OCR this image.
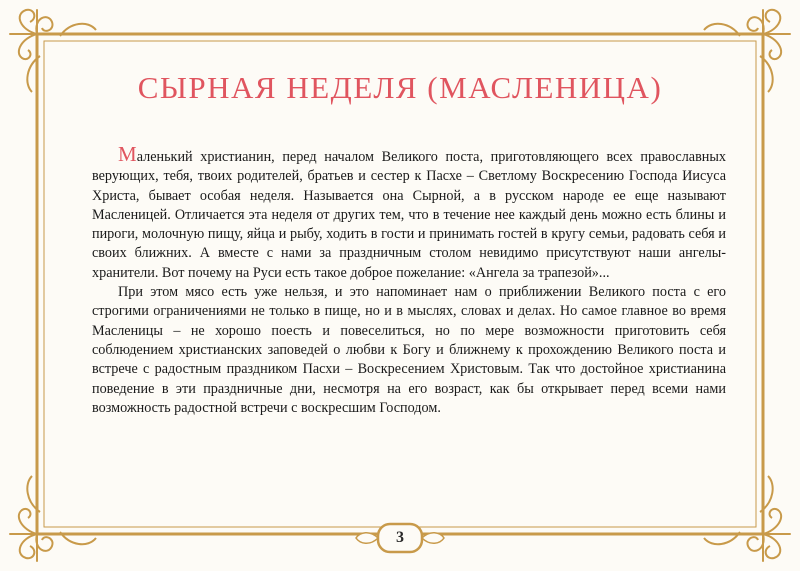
СЫРНАЯ НЕДЕЛЯ (МАСЛЕНИЦА)

Маленький христианин, перед началом Великого поста, приготовляющего всех православных верующих, тебя, твоих родителей, братьев и сестер к Пасхе – Светлому Воскресению Господа Иисуса Христа, бывает особая неделя. Называется она Сырной, а в русском народе ее еще называют Масленицей. Отличается эта неделя от других тем, что в течение нее каждый день можно есть блины и пироги, молочную пищу, яйца и рыбу, ходить в гости и принимать гостей в кругу семьи, радовать себя и своих ближних. А вместе с нами за праздничным столом невидимо присутствуют наши ангелы-хранители. Вот почему на Руси есть такое доброе пожелание: «Ангела за трапезой»...

При этом мясо есть уже нельзя, и это напоминает нам о приближении Великого поста с его строгими ограничениями не только в пище, но и в мыслях, словах и делах. Но самое главное во время Масленицы – не хорошо поесть и повеселиться, но по мере возможности приготовить себя соблюдением христианских заповедей о любви к Богу и ближнему к прохождению Великого поста и встрече с радостным праздником Пасхи – Воскресением Христовым. Так что достойное христианина поведение в эти праздничные дни, несмотря на его возраст, как бы открывает перед всеми нами возможность радостной встречи с воскресшим Господом.

3
